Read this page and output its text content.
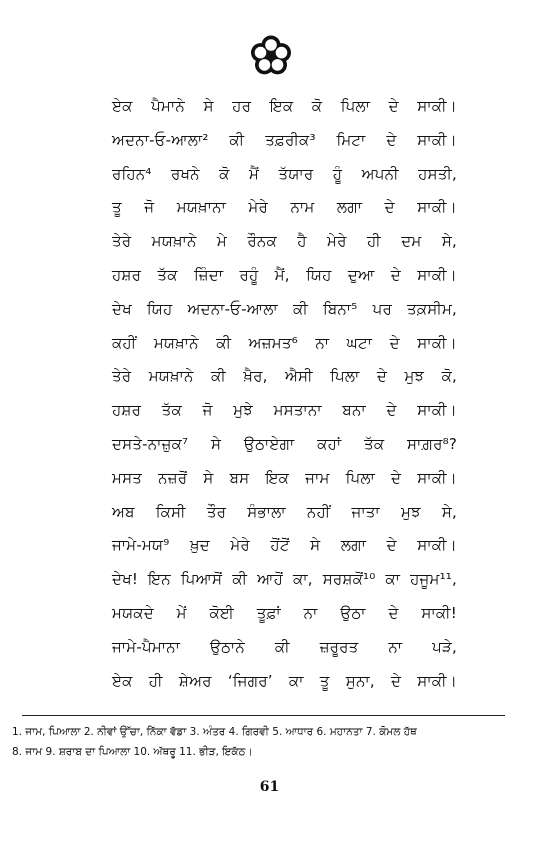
ਏਕ ਪੈਮਾਨੇ ਸੇ ਹਰ ਇਕ ਕੋ ਪਿਲਾ ਦੇ ਸਾਕੀ।
ਅਦਨਾ-ਓ-ਆਲਾ² ਕੀ ਤਫ਼ਰੀਕ³ ਮਿਟਾ ਦੇ ਸਾਕੀ।
ਰਹਿਨ⁴ ਰਖਨੇ ਕੋ ਮੈਂ ਤੱਯਾਰ ਹੂੰ ਅਪਨੀ ਹਸਤੀ,
ਤੂ ਜੋ ਮਯਖ਼ਾਨਾ ਮੇਰੇ ਨਾਮ ਲਗਾ ਦੇ ਸਾਕੀ।
ਤੇਰੇ ਮਯਖ਼ਾਨੇ ਮੇ ਰੌਨਕ ਹੈ ਮੇਰੇ ਹੀ ਦਮ ਸੇ,
ਹਸ਼ਰ ਤੱਕ ਜ਼ਿੰਦਾ ਰਹੂੰ ਮੈਂ, ਯਿਹ ਦੁਆ ਦੇ ਸਾਕੀ।
ਦੇਖ ਯਿਹ ਅਦਨਾ-ਓ-ਆਲਾ ਕੀ ਬਿਨਾ⁵ ਪਰ ਤਕ਼ਸੀਮ,
ਕਹੀਂ ਮਯਖ਼ਾਨੇ ਕੀ ਅਜ਼ਮਤ⁶ ਨਾ ਘਟਾ ਦੇ ਸਾਕੀ।
ਤੇਰੇ ਮਯਖ਼ਾਨੇ ਕੀ ਖ਼ੈਰ, ਐਸੀ ਪਿਲਾ ਦੇ ਮੁਝ ਕੋ,
ਹਸ਼ਰ ਤੱਕ ਜੋ ਮੁਝੇ ਮਸਤਾਨਾ ਬਨਾ ਦੇ ਸਾਕੀ।
ਦਸਤੇ-ਨਾਜ਼ੁਕ⁷ ਸੇ ਉਠਾਏਗਾ ਕਹਾਂ ਤੱਕ ਸਾਗ਼ਰ⁸?
ਮਸਤ ਨਜ਼ਰੋਂ ਸੇ ਬਸ ਇਕ ਜਾਮ ਪਿਲਾ ਦੇ ਸਾਕੀ।
ਅਬ ਕਿਸੀ ਤੌਰ ਸੰਭਾਲਾ ਨਹੀਂ ਜਾਤਾ ਮੁਝ ਸੇ,
ਜਾਮੇ-ਮਯ⁹ ਖ਼ੁਦ ਮੇਰੇ ਹੋਂਟੋਂ ਸੇ ਲਗਾ ਦੇ ਸਾਕੀ।
ਦੇਖ! ਇਨ ਪਿਆਸੋਂ ਕੀ ਆਹੋਂ ਕਾ, ਸਰਸ਼ਕੋਂ¹⁰ ਕਾ ਹਜੂਮ¹¹,
ਮਯਕਦੇ ਮੇਂ ਕੋਈ ਤੂਫ਼ਾਂ ਨਾ ਉਠਾ ਦੇ ਸਾਕੀ!
ਜਾਮੇ-ਪੈਮਾਨਾ ਉਠਾਨੇ ਕੀ ਜ਼ਰੂਰਤ ਨਾ ਪੜੇ,
ਏਕ ਹੀ ਸ਼ੇਅਰ ‘ਜਿਗਰ’ ਕਾ ਤੂ ਸੁਨਾ, ਦੇ ਸਾਕੀ।
1. ਜਾਮ, ਪਿਆਲਾ 2. ਨੀਵਾਂ ਉੱਚਾ, ਨਿੱਕਾ ਵੱਡਾ 3. ਅੰਤਰ 4. ਗਿਰਵੀ 5. ਆਧਾਰ 6. ਮਹਾਨਤਾ 7. ਕੋਮਲ ਹੱਥ
8. ਜਾਮ 9. ਸ਼ਰਾਬ ਦਾ ਪਿਆਲਾ 10. ਅੱਥਰੂ 11. ਭੀੜ, ਇਕੱਠ।
61
